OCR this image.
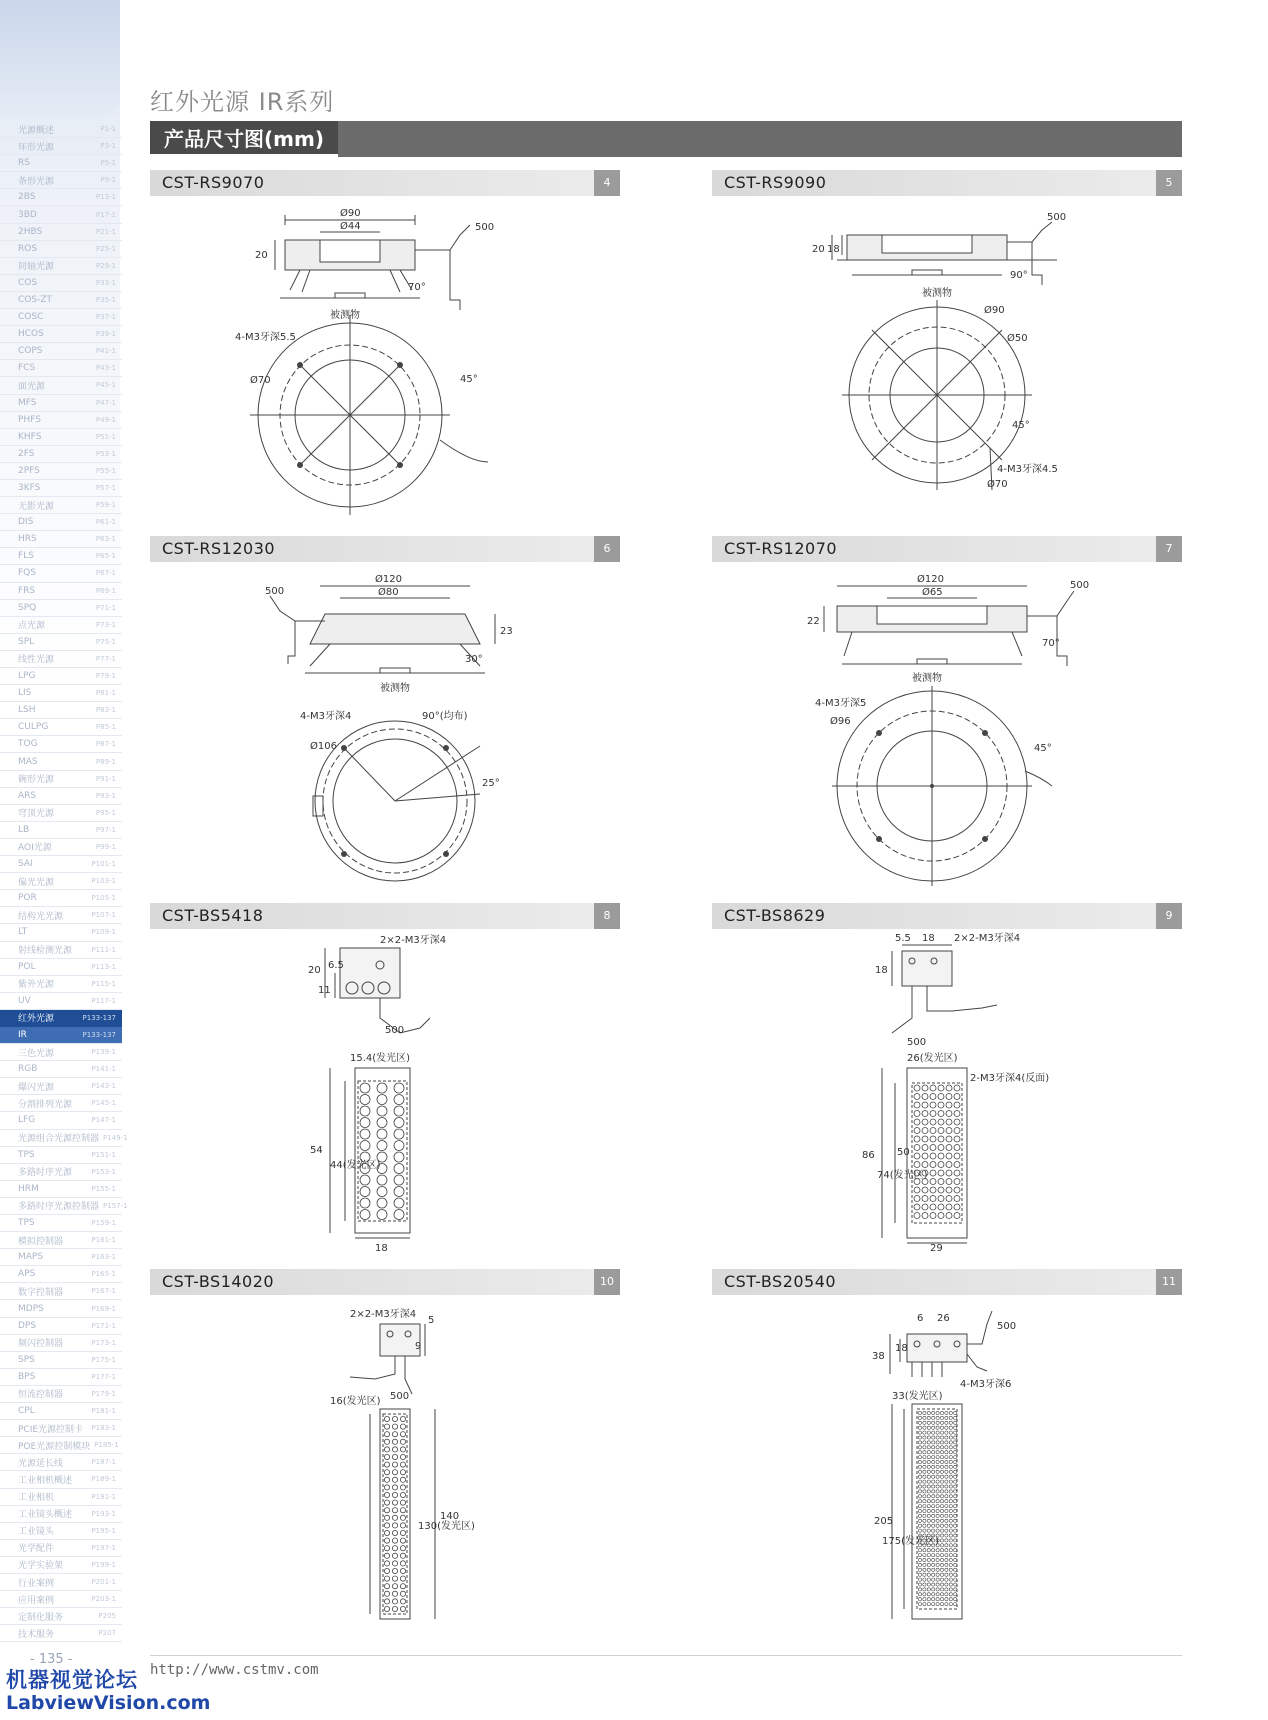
光源概述	P1-1
环形光源	P3-1
RS	P5-1
条形光源	P9-1
2BS	P13-1
3BD	P17-1
2HBS	P21-1
ROS	P25-1
同轴光源	P29-1
COS	P33-1
COS-ZT	P35-1
COSC	P37-1
HCOS	P39-1
COPS	P41-1
FCS	P43-1
面光源	P45-1
MFS	P47-1
PHFS	P49-1
KHFS	P51-1
2FS	P53-1
2PFS	P55-1
3KFS	P57-1
无影光源	P59-1
DIS	P61-1
HRS	P63-1
FLS	P65-1
FQS	P67-1
FRS	P69-1
SPQ	P71-1
点光源	P73-1
SPL	P75-1
线性光源	P77-1
LPG	P79-1
LIS	P81-1
LSH	P83-1
CULPG	P85-1
TOG	P87-1
MAS	P89-1
碗形光源	P91-1
ARS	P93-1
穹顶光源	P95-1
LB	P97-1
AOI光源	P99-1
SAI	P101-1
偏光光源	P103-1
POR	P105-1
结构光光源	P107-1
LT	P109-1
射线检测光源	P111-1
POL	P113-1
紫外光源	P115-1
UV	P117-1
红外光源	P133-137
IR	P133-137
三色光源	P139-1
RGB	P141-1
爆闪光源	P143-1
分割排列光源	P145-1
LFG	P147-1
光源组合光源控制器 P149-1
TPS	P151-1
多路时序光源	P153-1
HRM	P155-1
多路时序光源控制器 P157-1
TPS	P159-1
模拟控制器	P161-1
MAPS	P163-1
APS	P165-1
数字控制器	P167-1
MDPS	P169-1
DPS	P171-1
频闪控制器	P173-1
SPS	P175-1
BPS	P177-1
恒流控制器	P179-1
CPL	P181-1
PCIE光源控制卡 P183-1
POE光源控制模块 P185-1
光源延长线	P187-1
工业相机概述	P189-1
工业相机	P191-1
工业镜头概述	P193-1
工业镜头	P195-1
光学配件	P197-1
光学实验架	P199-1
行业案例	P201-1
应用案例	P203-1
定制化服务	P205
技术服务	P207
- 135 -
机器视觉论坛
LabviewVision.com
红外光源 IR系列
产品尺寸图(mm)
CST-RS9070	4
Ø90
Ø44
20
500
70°
被测物
4-M3牙深5.5
Ø70	45°
CST-RS9090	5
500
20 18
90°
被测物
Ø90
Ø50
45°
4-M3牙深4.5
Ø70
CST-RS12030	6
Ø120
Ø80
500
23
30°
被测物
4-M3牙深4	90°(均布)
Ø106
25°
CST-RS12070	7
Ø120
Ø65
22
500
70°
被测物
4-M3牙深5
Ø96
45°
CST-BS5418	8
2×2-M3牙深4
20 6.5
11
500
15.4(发光区)
54
44(发光区)
18
CST-BS8629	9
5.5 18 2×2-M3牙深4
18
500
26(发光区)
2-M3牙深4(反面)
86
74(发光区)
50
29
CST-BS14020	10
2×2-M3牙深4
5
9
500
16(发光区)
130(发光区)
140
CST-BS20540	11
6 26
38
18
4-M3牙深6
500
33(发光区)
205
175(发光区)
http://www.cstmv.com
